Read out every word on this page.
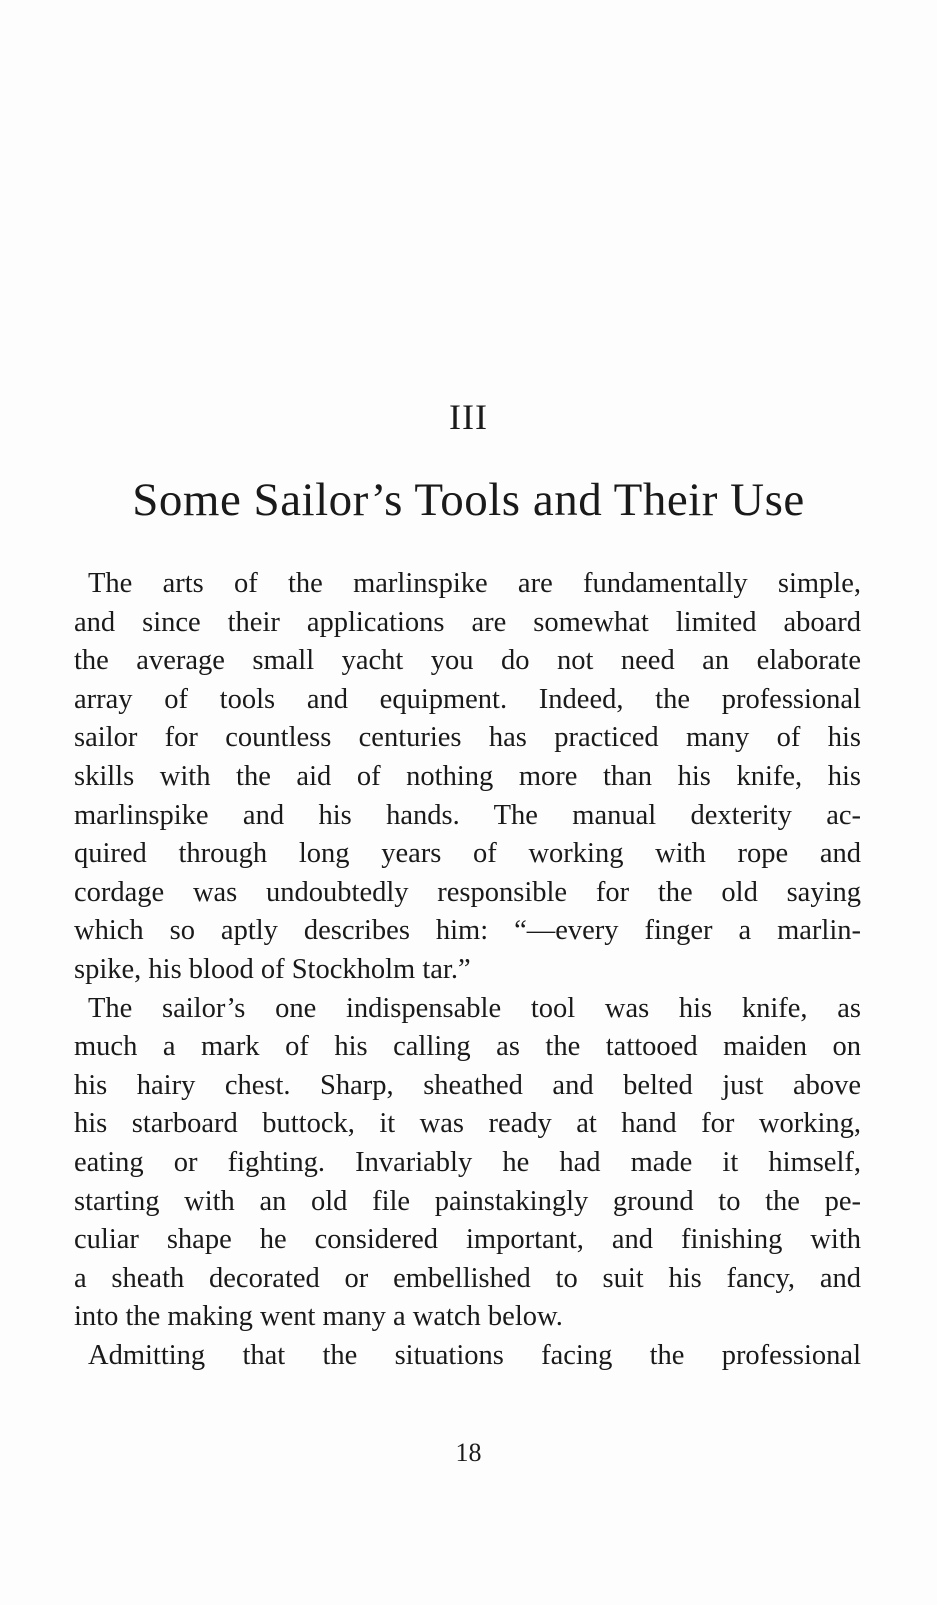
III
Some Sailor’s Tools and Their Use
The arts of the marlinspike are fundamentally simple,
and since their applications are somewhat limited aboard
the average small yacht you do not need an elaborate
array of tools and equipment. Indeed, the professional
sailor for countless centuries has practiced many of his
skills with the aid of nothing more than his knife, his
marlinspike and his hands. The manual dexterity ac-
quired through long years of working with rope and
cordage was undoubtedly responsible for the old saying
which so aptly describes him: “—every finger a marlin-
spike, his blood of Stockholm tar.”
The sailor’s one indispensable tool was his knife, as
much a mark of his calling as the tattooed maiden on
his hairy chest. Sharp, sheathed and belted just above
his starboard buttock, it was ready at hand for working,
eating or fighting. Invariably he had made it himself,
starting with an old file painstakingly ground to the pe-
culiar shape he considered important, and finishing with
a sheath decorated or embellished to suit his fancy, and
into the making went many a watch below.
Admitting that the situations facing the professional
18
